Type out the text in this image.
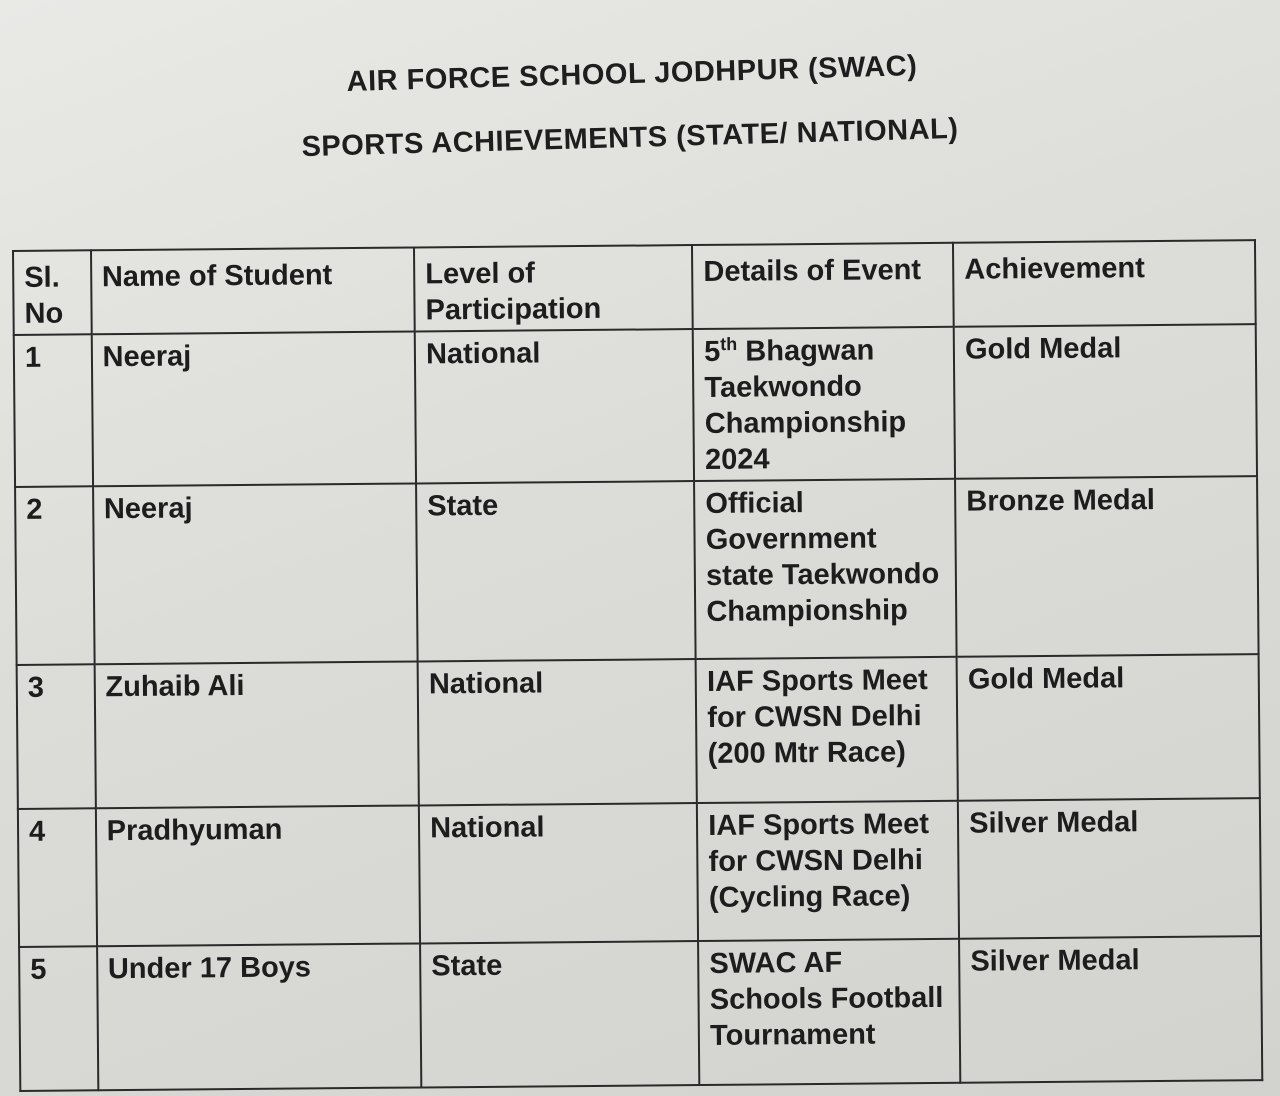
AIR FORCE SCHOOL JODHPUR (SWAC)
SPORTS ACHIEVEMENTS (STATE/ NATIONAL)
Sl. No	Name of Student	Level of Participation	Details of Event	Achievement
1	Neeraj	National	5th Bhagwan Taekwondo Championship 2024	Gold Medal
2	Neeraj	State	Official Government state Taekwondo Championship	Bronze Medal
3	Zuhaib Ali	National	IAF Sports Meet for CWSN Delhi (200 Mtr Race)	Gold Medal
4	Pradhyuman	National	IAF Sports Meet for CWSN Delhi (Cycling Race)	Silver Medal
5	Under 17 Boys	State	SWAC AF Schools Football Tournament	Silver Medal
